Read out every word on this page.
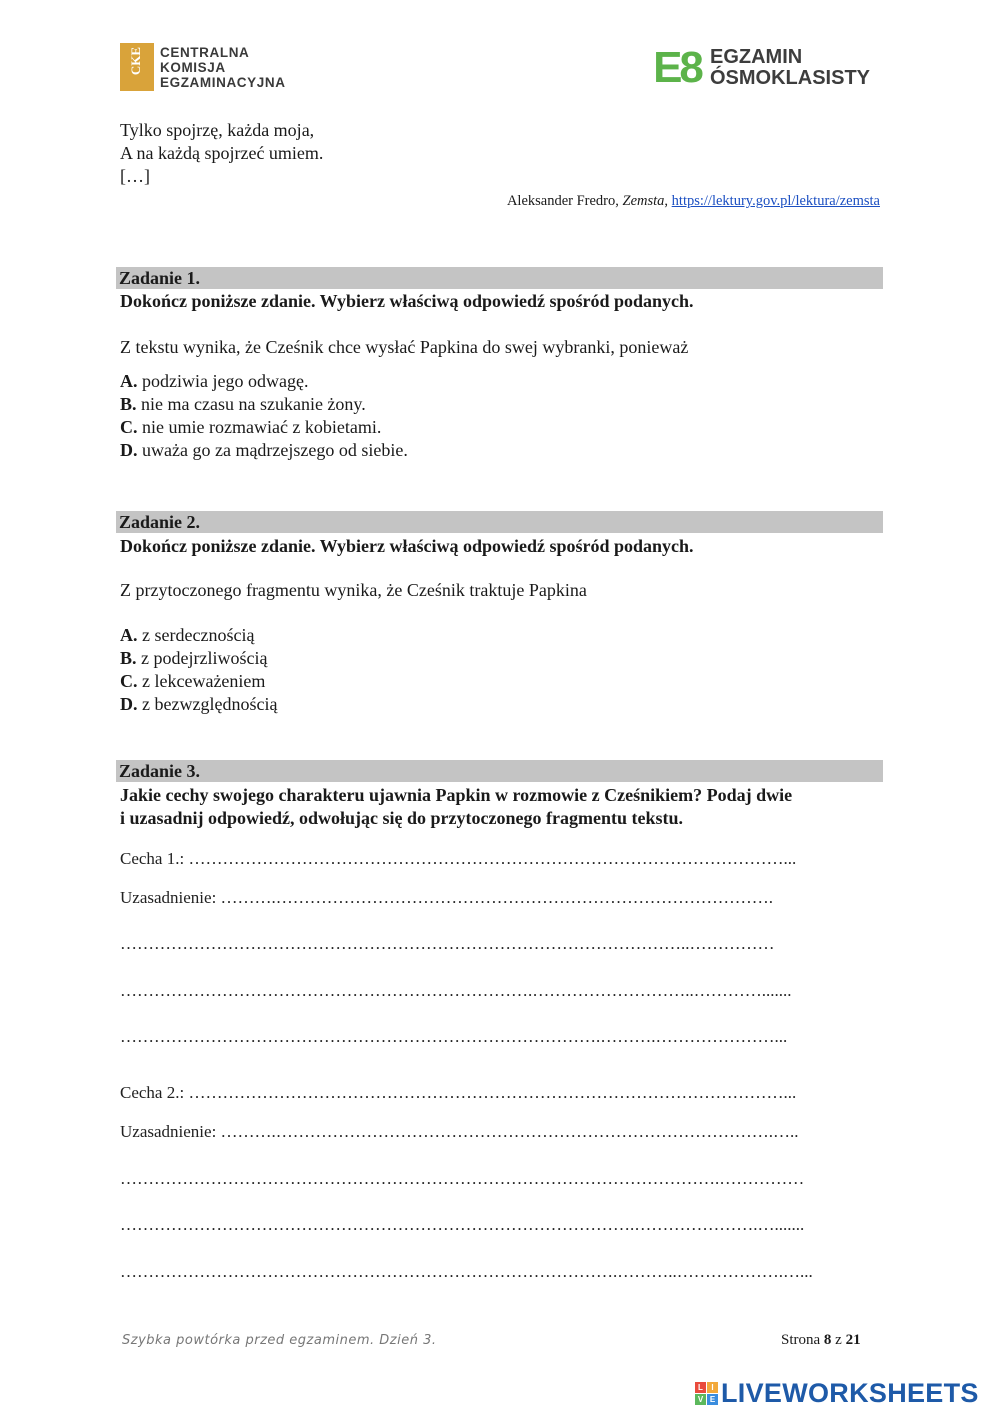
CKE CENTRALNA
KOMISJA
EGZAMINACYJNA	E8 EGZAMIN
ÓSMOKLASISTY
Tylko spojrzę, każda moja,
A na każdą spojrzeć umiem.
[…]
Aleksander Fredro, Zemsta, https://lektury.gov.pl/lektura/zemsta
Zadanie 1.
Dokończ poniższe zdanie. Wybierz właściwą odpowiedź spośród podanych.
Z tekstu wynika, że Cześnik chce wysłać Papkina do swej wybranki, ponieważ
A. podziwia jego odwagę.
B. nie ma czasu na szukanie żony.
C. nie umie rozmawiać z kobietami.
D. uważa go za mądrzejszego od siebie.
Zadanie 2.
Dokończ poniższe zdanie. Wybierz właściwą odpowiedź spośród podanych.
Z przytoczonego fragmentu wynika, że Cześnik traktuje Papkina
A. z serdecznością
B. z podejrzliwością
C. z lekceważeniem
D. z bezwzględnością
Zadanie 3.
Jakie cechy swojego charakteru ujawnia Papkin w rozmowie z Cześnikiem? Podaj dwie
i uzasadnij odpowiedź, odwołując się do przytoczonego fragmentu tekstu.
Cecha 1.: ……………………………………………………………………………………………...
Uzasadnienie: ……….…………………………………………………………………………….
………………………………………………………………………………………..……………
……………………………………………………………….………………………..………….......
………………………………………………………………………….……….…………………...
Cecha 2.: ……………………………………………………………………………………………...
Uzasadnienie: ……….…………………………………………………………………………….…..
…………………………………………………………………………………………….……………
……………………………………………………………………………….………………….….......
…………………………………………………………………………….………..……………….…...
Szybka powtórka przed egzaminem. Dzień 3.	Strona 8 z 21
L	I
V E LIVEWORKSHEETS
